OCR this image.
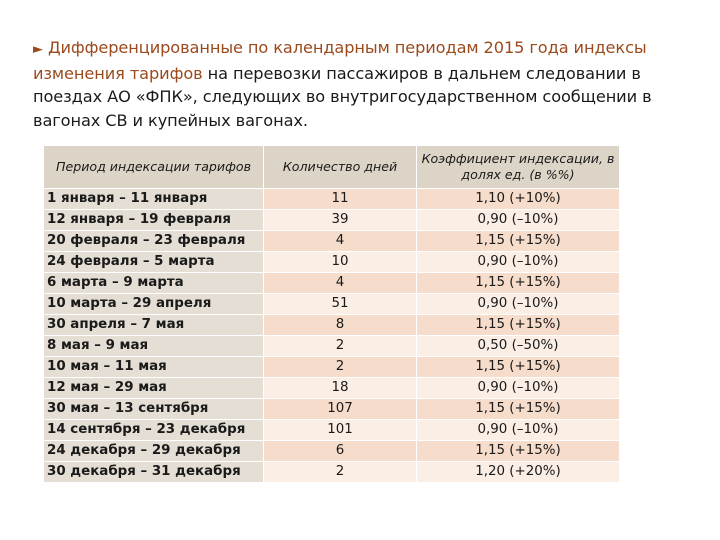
► Дифференцированные по календарным периодам 2015 года индексы изменения тарифов на перевозки пассажиров в дальнем следовании в поездах АО «ФПК», следующих во внутригосударственном сообщении в вагонах СВ и купейных вагонах.
Период индексации тарифов	Количество дней	Коэффициент индексации, в долях ед. (в %%)
1 января – 11 января	11	1,10 (+10%)
12 января – 19 февраля	39	0,90 (–10%)
20 февраля – 23 февраля	4	1,15 (+15%)
24 февраля – 5 марта	10	0,90 (–10%)
6 марта – 9 марта	4	1,15 (+15%)
10 марта – 29 апреля	51	0,90 (–10%)
30 апреля – 7 мая	8	1,15 (+15%)
8 мая – 9 мая	2	0,50 (–50%)
10 мая – 11 мая	2	1,15 (+15%)
12 мая – 29 мая	18	0,90 (–10%)
30 мая – 13 сентября	107	1,15 (+15%)
14 сентября – 23 декабря	101	0,90 (–10%)
24 декабря – 29 декабря	6	1,15 (+15%)
30 декабря – 31 декабря	2	1,20 (+20%)
